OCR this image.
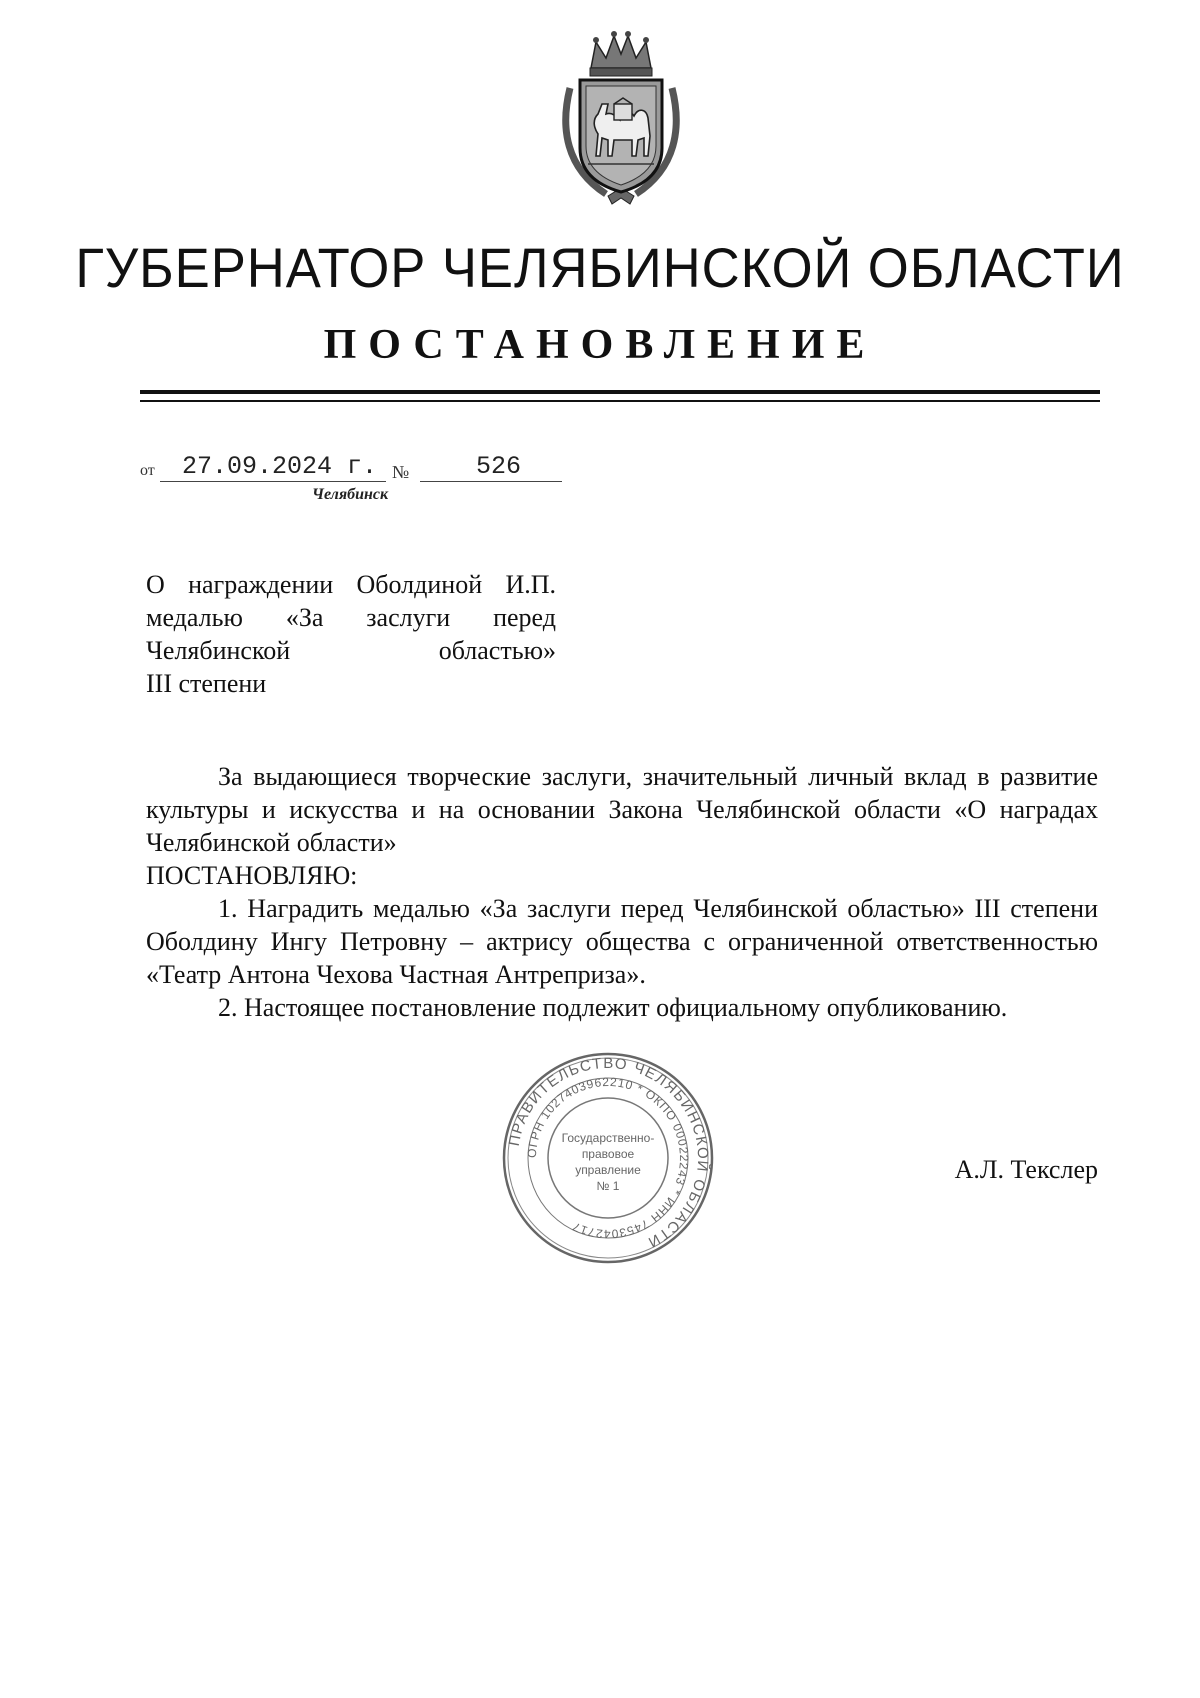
ГУБЕРНАТОР ЧЕЛЯБИНСКОЙ ОБЛАСТИ
ПОСТАНОВЛЕНИЕ
от 27.09.2024 г. №	526
Челябинск
О награждении Оболдиной И.П.
медалью «За заслуги перед
Челябинской областью»
III степени

За выдающиеся творческие заслуги, значительный личный вклад в развитие культуры и искусства и на основании Закона Челябинской области «О наградах Челябинской области»

ПОСТАНОВЛЯЮ:

1. Наградить медалью «За заслуги перед Челябинской областью» III степени Оболдину Ингу Петровну – актрису общества с ограниченной ответственностью «Театр Антона Чехова Частная Антреприза».

2. Настоящее постановление подлежит официальному опубликованию.

ПРАВИТЕЛЬСТВО ЧЕЛЯБИНСКОЙ ОБЛАСТИ
ОГРН 1027403962210 * ОКПО 00022243 * ИНН 7453042717
Государственно-
правовое
управление
№ 1
А.Л. Текслер
